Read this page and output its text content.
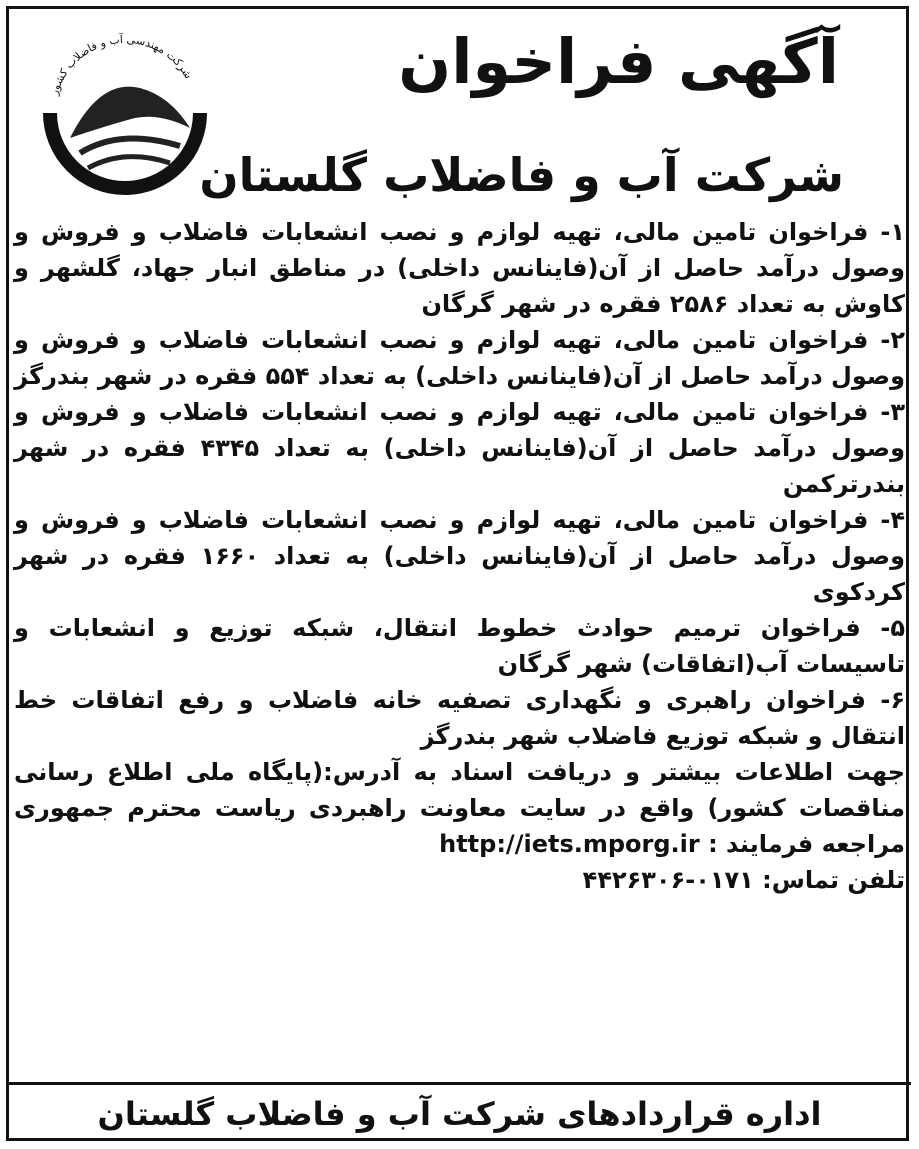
شرکت مهندسی آب و فاضلاب کشور	آگهی فراخوان
شرکت آب و فاضلاب گلستان

۱- فراخوان تامین مالی، تهیه لوازم و نصب انشعابات فاضلاب و فروش و وصول درآمد حاصل از آن(فاینانس داخلی) در مناطق انبار جهاد، گلشهر و کاوش به تعداد ۲۵۸۶ فقره در شهر گرگان

۲- فراخوان تامین مالی، تهیه لوازم و نصب انشعابات فاضلاب و فروش و وصول درآمد حاصل از آن(فاینانس داخلی) به تعداد ۵۵۴ فقره در شهر بندرگز

۳- فراخوان تامین مالی، تهیه لوازم و نصب انشعابات فاضلاب و فروش و وصول درآمد حاصل از آن(فاینانس داخلی) به تعداد ۴۳۴۵ فقره در شهر بندرترکمن

۴- فراخوان تامین مالی، تهیه لوازم و نصب انشعابات فاضلاب و فروش و وصول درآمد حاصل از آن(فاینانس داخلی) به تعداد ۱۶۶۰ فقره در شهر کردکوی

۵- فراخوان ترمیم حوادث خطوط انتقال، شبکه توزیع و انشعابات و تاسیسات آب(اتفاقات) شهر گرگان

۶- فراخوان راهبری و نگهداری تصفیه خانه فاضلاب و رفع اتفاقات خط انتقال و شبکه توزیع فاضلاب شهر بندرگز

جهت اطلاعات بیشتر و دریافت اسناد به آدرس:(پایگاه ملی اطلاع رسانی مناقصات کشور) واقع در سایت معاونت راهبردی ریاست محترم جمهوری مراجعه فرمایند : http://iets.mporg.ir

تلفن تماس: ۰۱۷۱-۴۴۲۶۳۰۶

اداره قراردادهای شرکت آب و فاضلاب گلستان
